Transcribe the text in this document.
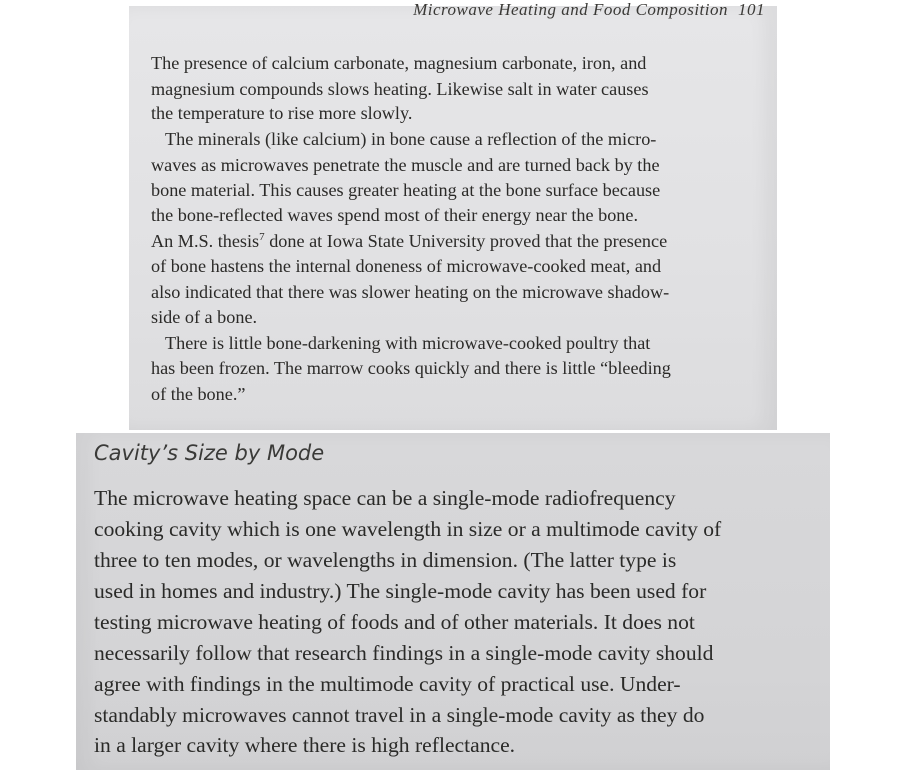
Microwave Heating and Food Composition 101
The presence of calcium carbonate, magnesium carbonate, iron, and
magnesium compounds slows heating. Likewise salt in water causes
the temperature to rise more slowly.
The minerals (like calcium) in bone cause a reflection of the micro-
waves as microwaves penetrate the muscle and are turned back by the
bone material. This causes greater heating at the bone surface because
the bone-reflected waves spend most of their energy near the bone.
An M.S. thesis$^7$ done at Iowa State University proved that the presence
of bone hastens the internal doneness of microwave-cooked meat, and
also indicated that there was slower heating on the microwave shadow-
side of a bone.
There is little bone-darkening with microwave-cooked poultry that
has been frozen. The marrow cooks quickly and there is little “bleeding
of the bone.”
Cavity’s Size by Mode
The microwave heating space can be a single-mode radiofrequency
cooking cavity which is one wavelength in size or a multimode cavity of
three to ten modes, or wavelengths in dimension. (The latter type is
used in homes and industry.) The single-mode cavity has been used for
testing microwave heating of foods and of other materials. It does not
necessarily follow that research findings in a single-mode cavity should
agree with findings in the multimode cavity of practical use. Under-
standably microwaves cannot travel in a single-mode cavity as they do
in a larger cavity where there is high reflectance.
